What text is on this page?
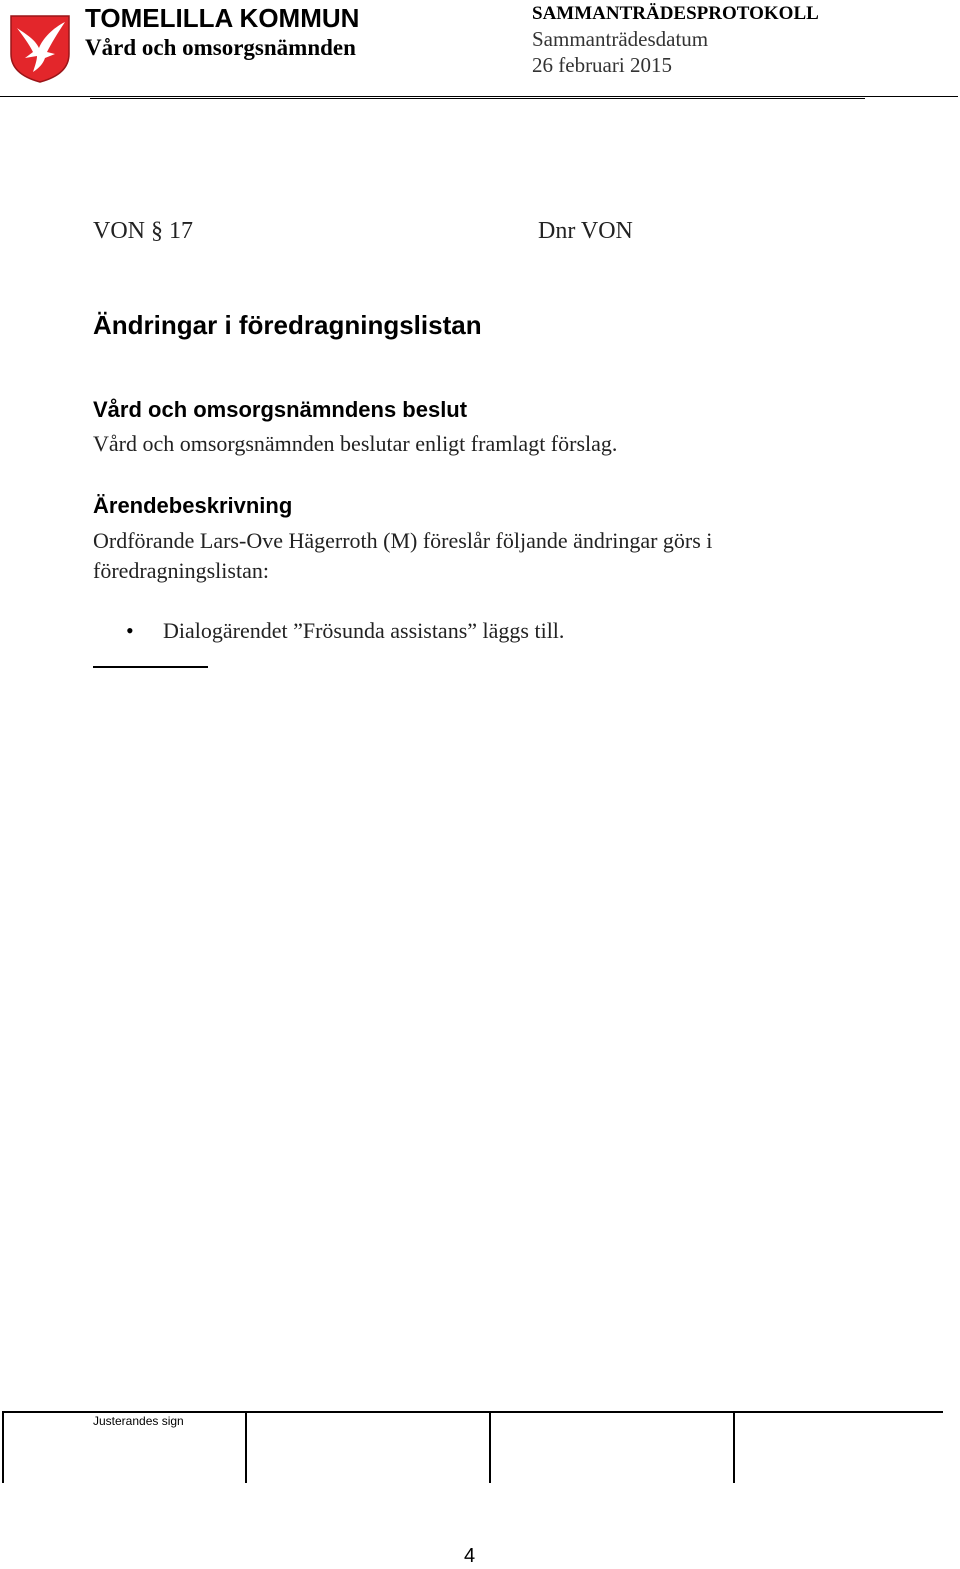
TOMELILLA KOMMUN
Vård och omsorgsnämnden
SAMMANTRÄDESPROTOKOLL
Sammanträdesdatum
26 februari 2015
VON § 17	Dnr VON
Ändringar i föredragningslistan
Vård och omsorgsnämndens beslut

Vård och omsorgsnämnden beslutar enligt framlagt förslag.

Ärendebeskrivning

Ordförande Lars-Ove Hägerroth (M) föreslår följande ändringar görs i föredragningslistan:

• Dialogärendet ”Frösunda assistans” läggs till.
Justerandes sign
4
